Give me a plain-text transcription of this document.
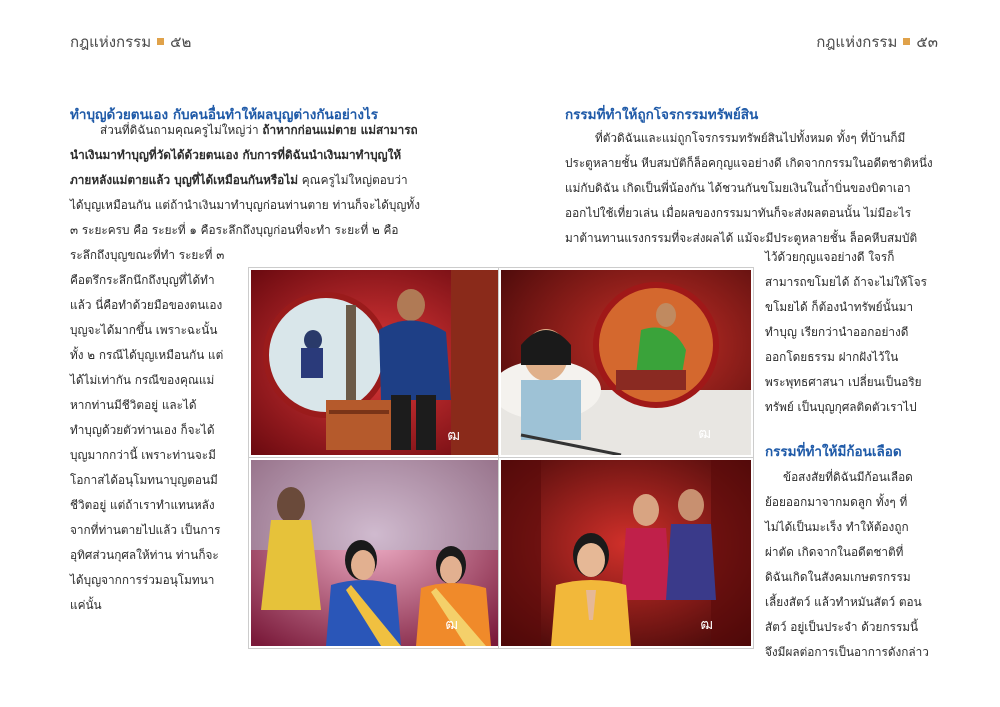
กฎแห่งกรรม ๕๒	กฎแห่งกรรม ๕๓
ทำบุญด้วยตนเอง กับคนอื่นทำให้ผลบุญต่างกันอย่างไร
ส่วนที่ดิฉันถามคุณครูไม่ใหญ่ว่า ถ้าหากก่อนแม่ตาย แม่สามารถ
นำเงินมาทำบุญที่วัดได้ด้วยตนเอง กับการที่ดิฉันนำเงินมาทำบุญให้
ภายหลังแม่ตายแล้ว บุญที่ได้เหมือนกันหรือไม่ คุณครูไม่ใหญ่ตอบว่า
ได้บุญเหมือนกัน แต่ถ้านำเงินมาทำบุญก่อนท่านตาย ท่านก็จะได้บุญทั้ง
๓ ระยะครบ คือ ระยะที่ ๑ คือระลึกถึงบุญก่อนที่จะทำ ระยะที่ ๒ คือ
ระลึกถึงบุญขณะที่ทำ ระยะที่ ๓
คือตรึกระลึกนึกถึงบุญที่ได้ทำ
แล้ว นี่คือทำด้วยมือของตนเอง
บุญจะได้มากขึ้น เพราะฉะนั้น
ทั้ง ๒ กรณีได้บุญเหมือนกัน แต่
ได้ไม่เท่ากัน กรณีของคุณแม่
หากท่านมีชีวิตอยู่ และได้
ทำบุญด้วยตัวท่านเอง ก็จะได้
บุญมากกว่านี้ เพราะท่านจะมี
โอกาสได้อนุโมทนาบุญตอนมี
ชีวิตอยู่ แต่ถ้าเราทำแทนหลัง
จากที่ท่านตายไปแล้ว เป็นการ
อุทิศส่วนกุศลให้ท่าน ท่านก็จะ
ได้บุญจากการร่วมอนุโมทนา
แค่นั้น
กรรมที่ทำให้ถูกโจรกรรมทรัพย์สิน
ที่ตัวดิฉันและแม่ถูกโจรกรรมทรัพย์สินไปทั้งหมด ทั้งๆ ที่บ้านก็มี
ประตูหลายชั้น หีบสมบัติก็ล็อคกุญแจอย่างดี เกิดจากกรรมในอดีตชาติหนึ่ง
แม่กับดิฉัน เกิดเป็นพี่น้องกัน ได้ชวนกันขโมยเงินในถ้ำบิ่นของบิดาเอา
ออกไปใช้เที่ยวเล่น เมื่อผลของกรรมมาทันก็จะส่งผลตอนนั้น ไม่มีอะไร
มาต้านทานแรงกรรมที่จะส่งผลได้ แม้จะมีประตูหลายชั้น ล็อคหีบสมบัติ
ไว้ด้วยกุญแจอย่างดี ใจรก็
สามารถขโมยได้ ถ้าจะไม่ให้โจร
ขโมยได้ ก็ต้องนำทรัพย์นั้นมา
ทำบุญ เรียกว่านำออกอย่างดี
ออกโดยธรรม ฝากฝังไว้ใน
พระพุทธศาสนา เปลี่ยนเป็นอริย
ทรัพย์ เป็นบุญกุศลติดตัวเราไป
กรรมที่ทำให้มีก้อนเลือด
ข้อสงสัยที่ดิฉันมีก้อนเลือด
ย้อยออกมาจากมดลูก ทั้งๆ ที่
ไม่ได้เป็นมะเร็ง ทำให้ต้องถูก
ผ่าตัด เกิดจากในอดีตชาติที่
ดิฉันเกิดในสังคมเกษตรกรรม
เลี้ยงสัตว์ แล้วทำหมันสัตว์ ตอน
สัตว์ อยู่เป็นประจำ ด้วยกรรมนี้
จึงมีผลต่อการเป็นอาการดังกล่าว
ฒ	ฒ
ฒ	ฒ
